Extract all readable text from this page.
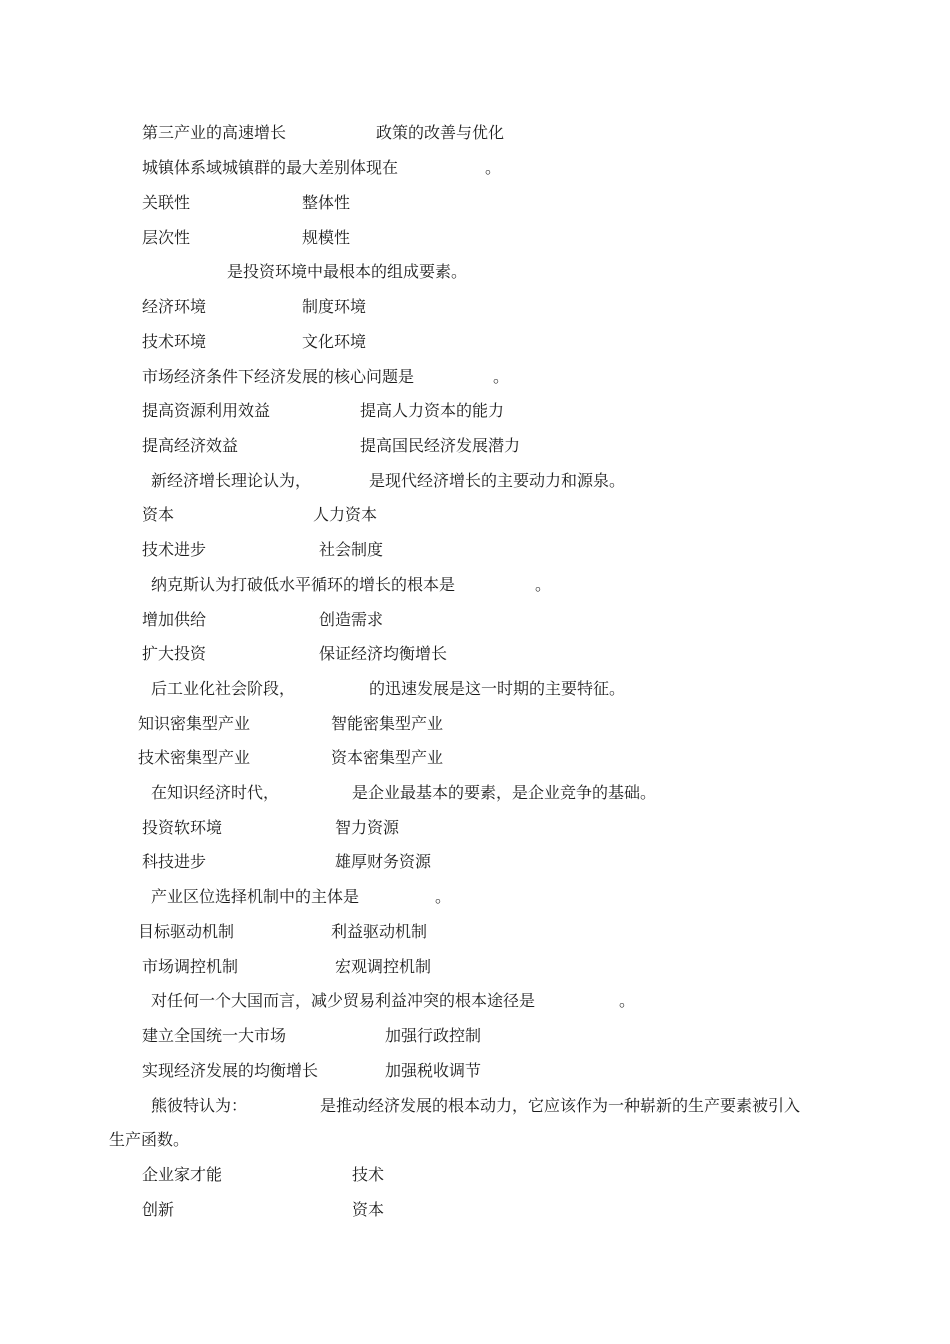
第三产业的高速增长	政策的改善与优化
城镇体系域城镇群的最大差别体现在	。
关联性	整体性
层次性	规模性
是投资环境中最根本的组成要素。
经济环境	制度环境
技术环境	文化环境
市场经济条件下经济发展的核心问题是	。
提高资源利用效益	提高人力资本的能力
提高经济效益	提高国民经济发展潜力
新经济增长理论认为，	是现代经济增长的主要动力和源泉。
资本	人力资本
技术进步	社会制度
纳克斯认为打破低水平循环的增长的根本是	。
增加供给	创造需求
扩大投资	保证经济均衡增长
后工业化社会阶段，	的迅速发展是这一时期的主要特征。
知识密集型产业	智能密集型产业
技术密集型产业	资本密集型产业
在知识经济时代，	是企业最基本的要素，是企业竞争的基础。
投资软环境	智力资源
科技进步	雄厚财务资源
产业区位选择机制中的主体是	。
目标驱动机制	利益驱动机制
市场调控机制	宏观调控机制
对任何一个大国而言，减少贸易利益冲突的根本途径是	。
建立全国统一大市场	加强行政控制
实现经济发展的均衡增长	加强税收调节
熊彼特认为：	是推动经济发展的根本动力，它应该作为一种崭新的生产要素被引入
生产函数。
企业家才能	技术
创新	资本
